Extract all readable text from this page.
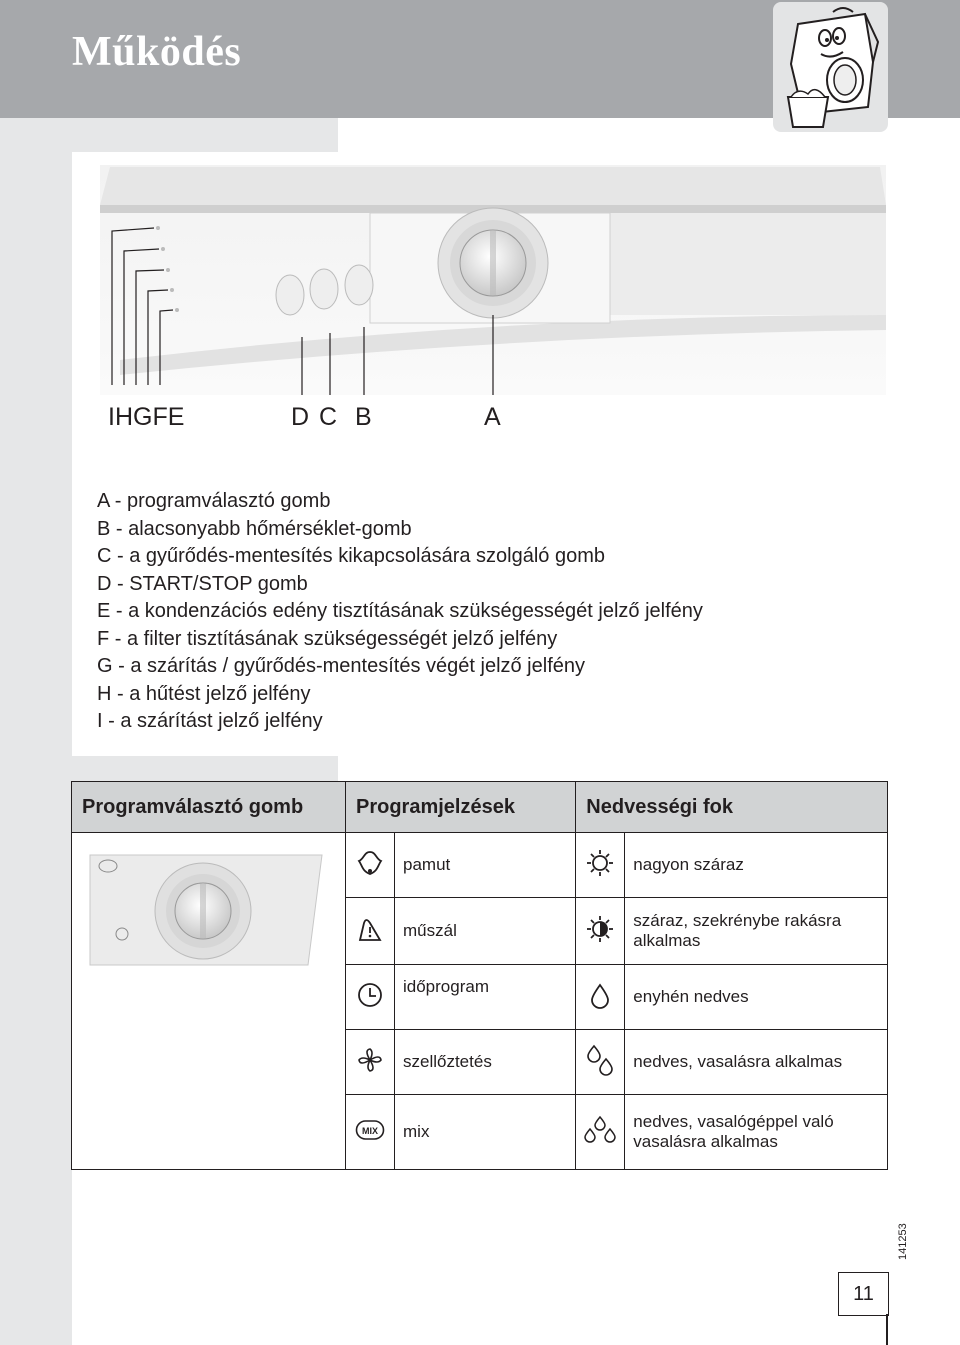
Működés
IHGFE	D C B	A
A - programválasztó gomb
B - alacsonyabb hőmérséklet-gomb
C - a gyűrődés-mentesítés kikapcsolására szolgáló gomb
D - START/STOP gomb
E - a kondenzációs edény tisztításának szükségességét jelző jelfény
F - a filter tisztításának szükségességét jelző jelfény
G - a szárítás / gyűrődés-mentesítés végét jelző jelfény
H - a hűtést jelző jelfény
I - a szárítást jelző jelfény
Programválasztó gomb	Programjelzések		Nedvességi fok	
		pamut		nagyon száraz
	műszál		száraz, szekrénybe rakásra alkalmas
	időprogram		enyhén nedves
	szellőztetés		nedves, vasalásra alkalmas

MIX	mix		nedves, vasalógéppel való vasalásra alkalmas
141253
11
